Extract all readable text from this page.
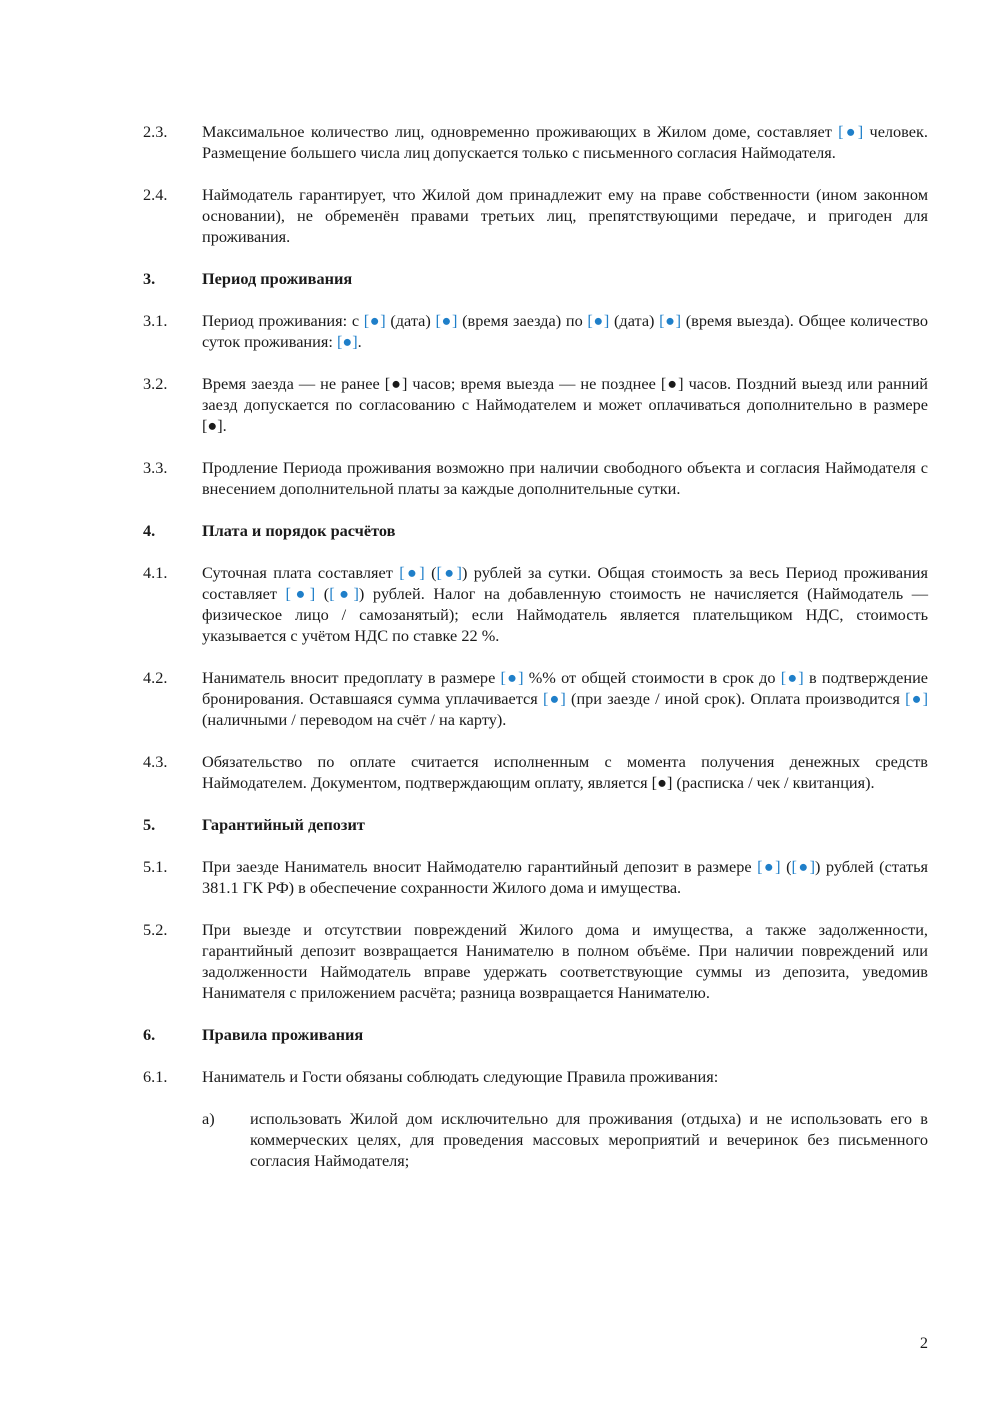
2.3.	Максимальное количество лиц, одновременно проживающих в Жилом доме, составляет [●] человек. Размещение большего числа лиц допускается только с письменного согласия Наймодателя.
2.4.	Наймодатель гарантирует, что Жилой дом принадлежит ему на праве собственности (ином законном основании), не обременён правами третьих лиц, препятствующими передаче, и пригоден для проживания.
3.	Период проживания
3.1.	Период проживания: с [●] (дата) [●] (время заезда) по [●] (дата) [●] (время выезда). Общее количество суток проживания: [●].
3.2.	Время заезда — не ранее [●] часов; время выезда — не позднее [●] часов. Поздний выезд или ранний заезд допускается по согласованию с Наймодателем и может оплачиваться дополнительно в размере [●].
3.3.	Продление Периода проживания возможно при наличии свободного объекта и согласия Наймодателя с внесением дополнительной платы за каждые дополнительные сутки.
4.	Плата и порядок расчётов
4.1.	Суточная плата составляет [●] ([●]) рублей за сутки. Общая стоимость за весь Период проживания составляет [●] ([●]) рублей. Налог на добавленную стоимость не начисляется (Наймодатель — физическое лицо / самозанятый); если Наймодатель является плательщиком НДС, стоимость указывается с учётом НДС по ставке 22 %.
4.2.	Наниматель вносит предоплату в размере [●] %% от общей стоимости в срок до [●] в подтверждение бронирования. Оставшаяся сумма уплачивается [●] (при заезде / иной срок). Оплата производится [●] (наличными / переводом на счёт / на карту).
4.3.	Обязательство по оплате считается исполненным с момента получения денежных средств Наймодателем. Документом, подтверждающим оплату, является [●] (расписка / чек / квитанция).
5.	Гарантийный депозит
5.1.	При заезде Наниматель вносит Наймодателю гарантийный депозит в размере [●] ([●]) рублей (статья 381.1 ГК РФ) в обеспечение сохранности Жилого дома и имущества.
5.2.	При выезде и отсутствии повреждений Жилого дома и имущества, а также задолженности, гарантийный депозит возвращается Нанимателю в полном объёме. При наличии повреждений или задолженности Наймодатель вправе удержать соответствующие суммы из депозита, уведомив Нанимателя с приложением расчёта; разница возвращается Нанимателю.
6.	Правила проживания
6.1.	Наниматель и Гости обязаны соблюдать следующие Правила проживания:
a)	использовать Жилой дом исключительно для проживания (отдыха) и не использовать его в коммерческих целях, для проведения массовых мероприятий и вечеринок без письменного согласия Наймодателя;
2
